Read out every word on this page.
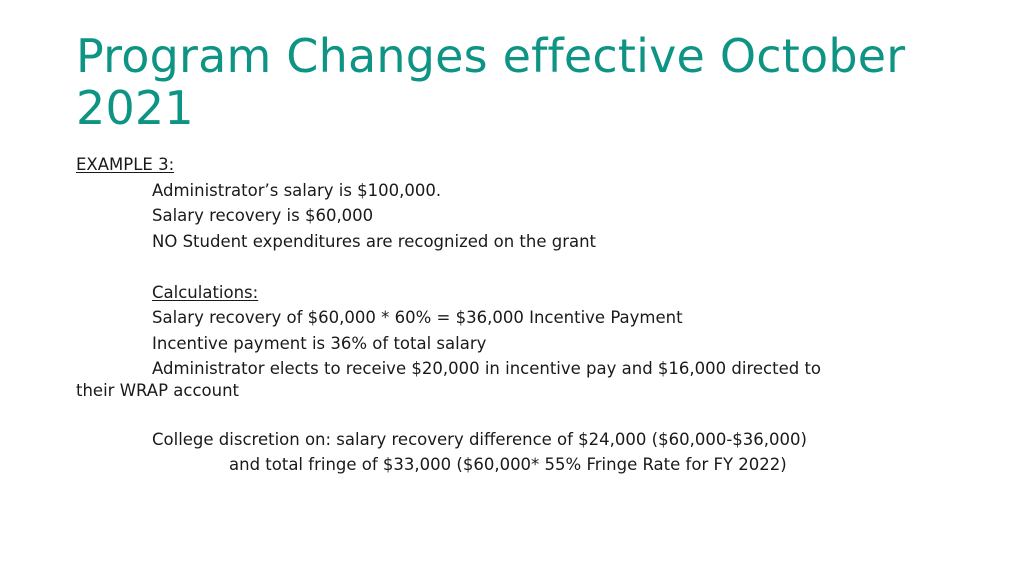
Program Changes effective October
2021
EXAMPLE 3:
Administrator’s salary is $100,000.
Salary recovery is $60,000
NO Student expenditures are recognized on the grant
Calculations:
Salary recovery of $60,000 * 60% = $36,000 Incentive Payment
Incentive payment is 36% of total salary
Administrator elects to receive $20,000 in incentive pay and $16,000 directed to
their WRAP account
College discretion on: salary recovery difference of $24,000 ($60,000-$36,000)
and total fringe of $33,000 ($60,000* 55% Fringe Rate for FY 2022)
